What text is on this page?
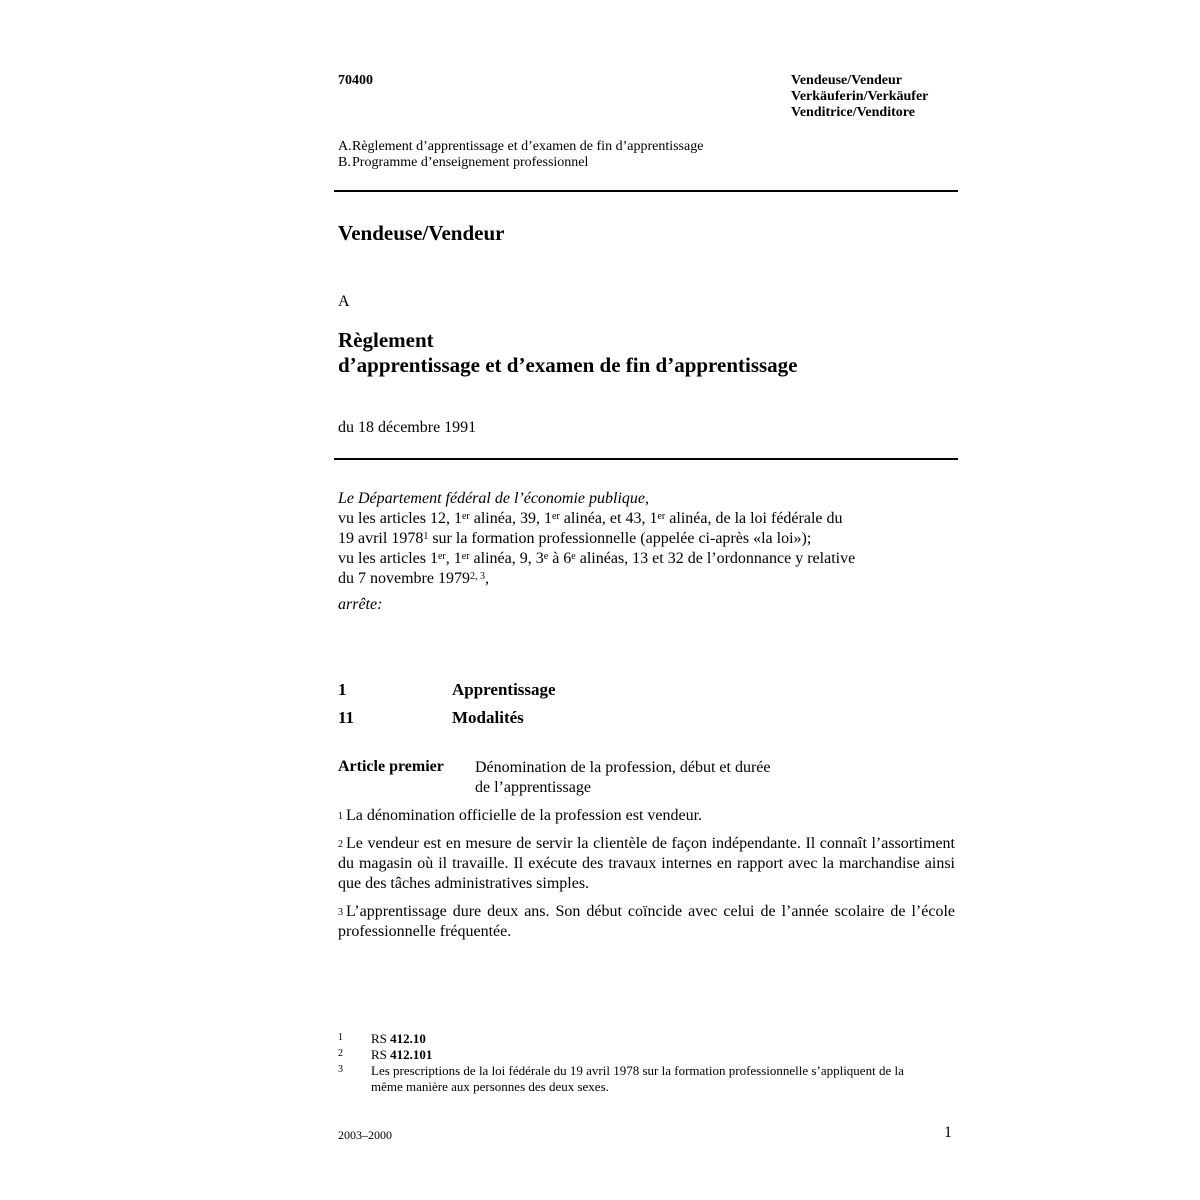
70400	Vendeuse/Vendeur
Verkäuferin/Verkäufer
Venditrice/Venditore
A.Règlement d’apprentissage et d’examen de fin d’apprentissage
B.Programme d’enseignement professionnel
Vendeuse/Vendeur
A
Règlement
d’apprentissage et d’examen de fin d’apprentissage
du 18 décembre 1991
Le Département fédéral de l’économie publique,
vu les articles 12, 1er alinéa, 39, 1er alinéa, et 43, 1er alinéa, de la loi fédérale du
19 avril 1978$^1$ sur la formation professionnelle (appelée ci-après «la loi»);
vu les articles 1er, 1er alinéa, 9, 3e à 6e alinéas, 13 et 32 de l’ordonnance y relative
du 7 novembre 1979$^{2, 3}$,
arrête:
1	Apprentissage
11	Modalités
Article premier Dénomination de la profession, début et durée
de l’apprentissage
$^1$ La dénomination officielle de la profession est vendeur.
$^2$ Le vendeur est en mesure de servir la clientèle de façon indépendante. Il connaît l’assortiment du magasin où il travaille. Il exécute des travaux internes en rapport avec la marchandise ainsi que des tâches administratives simples.
$^3$ L’apprentissage dure deux ans. Son début coïncide avec celui de l’année scolaire de l’école professionnelle fréquentée.
1	RS 412.10
2	RS 412.101
3	Les prescriptions de la loi fédérale du 19 avril 1978 sur la formation professionnelle s’appliquent de la même manière aux personnes des deux sexes.
2003–2000	1
